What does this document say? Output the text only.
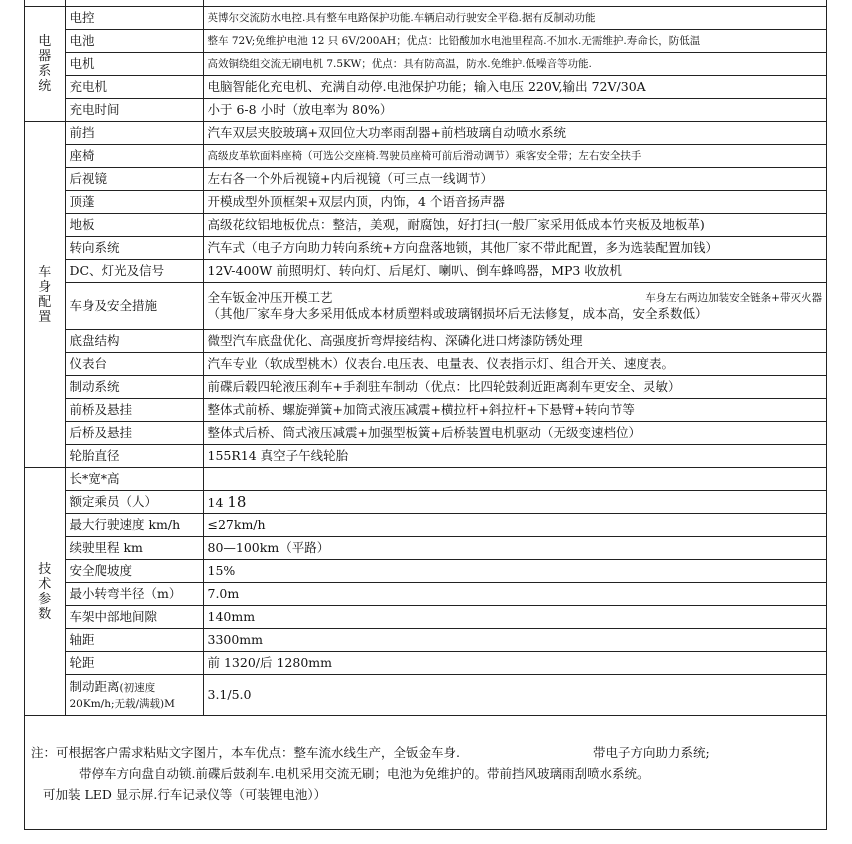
电器系统	电控	英博尔交流防水电控.具有整车电路保护功能.车辆启动行驶安全平稳.据有反制动功能
	电池	整车 72V;免维护电池 12 只 6V/200AH；优点：比铅酸加水电池里程高.不加水.无需维护.寿命长，防低温
	电机	高效铜绕组交流无刷电机 7.5KW；优点：具有防高温，防水.免维护.低噪音等功能.
	充电机	电脑智能化充电机、充满自动停.电池保护功能；输入电压 220V,输出 72V/30A
	充电时间	小于 6-8 小时（放电率为 80%）
车身配置	前挡	汽车双层夹胶玻璃+双回位大功率雨刮器+前档玻璃自动喷水系统
	座椅	高级皮革软面料座椅（可选公交座椅.驾驶员座椅可前后滑动调节）乘客安全带；左右安全扶手
	后视镜	左右各一个外后视镜+内后视镜（可三点一线调节）
	顶蓬	开模成型外顶框架+双层内顶，内饰，4 个语音扬声器
	地板	高级花纹铝地板优点：整洁，美观，耐腐蚀，好打扫(一般厂家采用低成本竹夹板及地板革)
	转向系统	汽车式（电子方向助力转向系统+方向盘落地锁，其他厂家不带此配置，多为选装配置加钱）
	DC、灯光及信号	12V-400W 前照明灯、转向灯、后尾灯、喇叭、倒车蜂鸣器，MP3 收放机
	车身及安全措施	全车钣金冲压开模工艺 车身左右两边加装安全链条+带灭火器
（其他厂家车身大多采用低成本材质塑料或玻璃钢损坏后无法修复，成本高，安全系数低）

	底盘结构	微型汽车底盘优化、高强度折弯焊接结构、深磷化进口烤漆防锈处理
	仪表台	汽车专业（软成型桃木）仪表台.电压表、电量表、仪表指示灯、组合开关、速度表。
	制动系统	前碟后毂四轮液压刹车+手刹驻车制动（优点：比四轮鼓刹近距离刹车更安全、灵敏）
	前桥及悬挂	整体式前桥、螺旋弹簧+加筒式液压减震+横拉杆+斜拉杆+下悬臂+转向节等
	后桥及悬挂	整体式后桥、筒式液压减震+加强型板簧+后桥装置电机驱动（无级变速档位）
	轮胎直径	155R14 真空子午线轮胎
技术参数	长*宽*高	
	额定乘员（人）	14 18
	最大行驶速度 km/h	≤27km/h
	续驶里程 km	80—100km（平路）
	安全爬坡度	15%
	最小转弯半径（m）	7.0m
	车架中部地间隙	140mm
	轴距	3300mm
	轮距	前 1320/后 1280mm

	制动距离(初速度
20Km/h;无载/满载)M	3.1/5.0
注：可根据客户需求粘贴文字图片，本车优点：整车流水线生产，全钣金车身.	带电子方向助力系统;
带停车方向盘自动锁.前碟后鼓刹车.电机采用交流无刷；电池为免维护的。带前挡风玻璃雨刮喷水系统。
可加装 LED 显示屏.行车记录仪等（可装锂电池））
